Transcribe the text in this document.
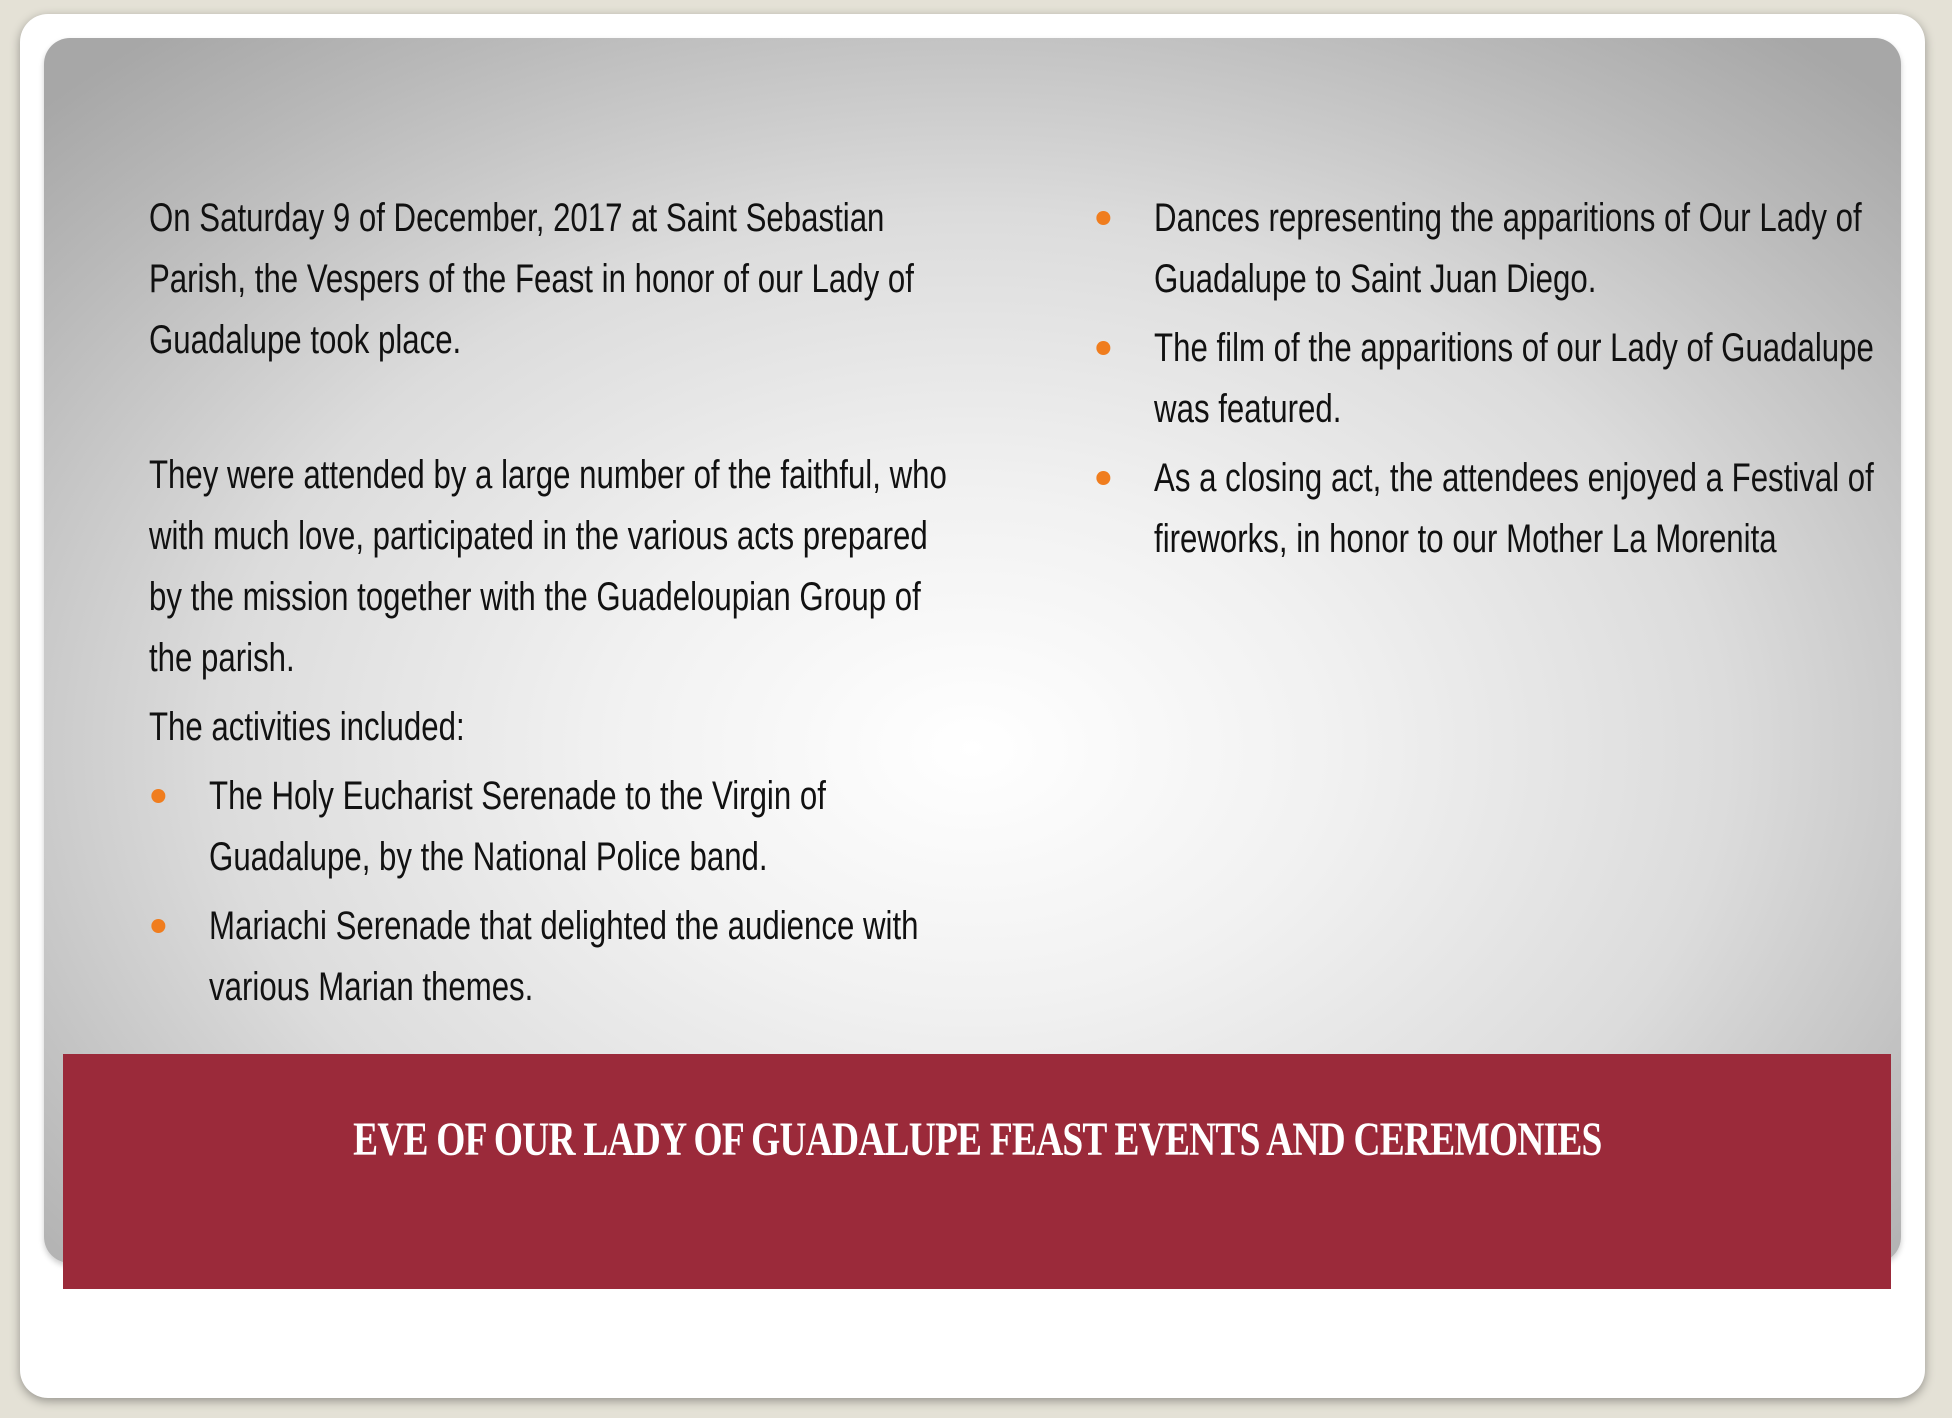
On Saturday 9 of December, 2017 at Saint Sebastian Parish, the Vespers of the Feast in honor of our Lady of Guadalupe took place.

They were attended by a large number of the faithful, who with much love, participated in the various acts prepared by the mission together with the Guadeloupian Group of the parish.

The activities included:

The Holy Eucharist Serenade to the Virgin of Guadalupe, by the National Police band.
Mariachi Serenade that delighted the audience with various Marian themes.
Dances representing the apparitions of Our Lady of Guadalupe to Saint Juan Diego.
The film of the apparitions of our Lady of Guadalupe was featured.
As a closing act, the attendees enjoyed a Festival of fireworks, in honor to our Mother La Morenita
EVE OF OUR LADY OF GUADALUPE FEAST EVENTS AND CEREMONIES
